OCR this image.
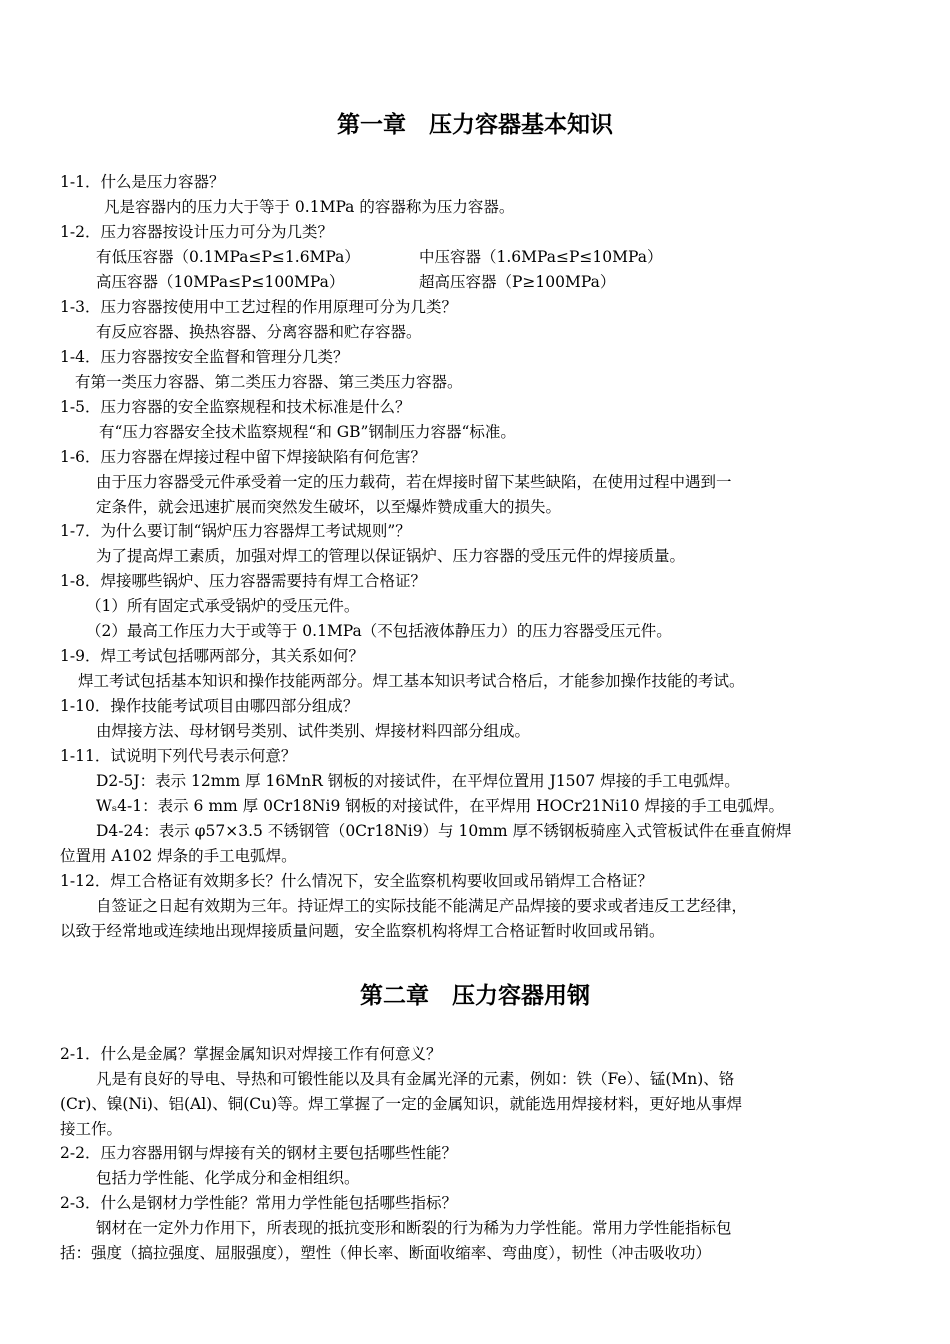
第一章　压力容器基本知识
1-1．什么是压力容器？
凡是容器内的压力大于等于 0.1MPa 的容器称为压力容器。
1-2．压力容器按设计压力可分为几类？
有低压容器（0.1MPa≤P≤1.6MPa）	中压容器（1.6MPa≤P≤10MPa）
高压容器（10MPa≤P≤100MPa）	超高压容器（P≥100MPa）
1-3．压力容器按使用中工艺过程的作用原理可分为几类？
有反应容器、换热容器、分离容器和贮存容器。
1-4．压力容器按安全监督和管理分几类？
有第一类压力容器、第二类压力容器、第三类压力容器。
1-5．压力容器的安全监察规程和技术标准是什么？
有“压力容器安全技术监察规程“和 GB”钢制压力容器“标准。
1-6．压力容器在焊接过程中留下焊接缺陷有何危害？
由于压力容器受元件承受着一定的压力载荷，若在焊接时留下某些缺陷，在使用过程中遇到一
定条件，就会迅速扩展而突然发生破坏，以至爆炸赞成重大的损失。
1-7．为什么要订制“锅炉压力容器焊工考试规则”？
为了提高焊工素质，加强对焊工的管理以保证锅炉、压力容器的受压元件的焊接质量。
1-8．焊接哪些锅炉、压力容器需要持有焊工合格证？
（1）所有固定式承受锅炉的受压元件。
（2）最高工作压力大于或等于 0.1MPa（不包括液体静压力）的压力容器受压元件。
1-9．焊工考试包括哪两部分，其关系如何？
焊工考试包括基本知识和操作技能两部分。焊工基本知识考试合格后，才能参加操作技能的考试。
1-10．操作技能考试项目由哪四部分组成？
由焊接方法、母材钢号类别、试件类别、焊接材料四部分组成。
1-11．试说明下列代号表示何意？
D2-5J：表示 12mm 厚 16MnR 钢板的对接试件，在平焊位置用 J1507 焊接的手工电弧焊。
Wₛ4-1：表示 6 mm 厚 0Cr18Ni9 钢板的对接试件，在平焊用 HOCr21Ni10 焊接的手工电弧焊。
D4-24：表示 φ57×3.5 不锈钢管（0Cr18Ni9）与 10mm 厚不锈钢板骑座入式管板试件在垂直俯焊
位置用 A102 焊条的手工电弧焊。
1-12．焊工合格证有效期多长？什么情况下，安全监察机构要收回或吊销焊工合格证？
自签证之日起有效期为三年。持证焊工的实际技能不能满足产品焊接的要求或者违反工艺经律，
以致于经常地或连续地出现焊接质量问题，安全监察机构将焊工合格证暂时收回或吊销。
第二章　压力容器用钢
2-1．什么是金属？掌握金属知识对焊接工作有何意义？
凡是有良好的导电、导热和可锻性能以及具有金属光泽的元素，例如：铁（Fe）、锰(Mn)、铬
(Cr)、镍(Ni)、铝(Al)、铜(Cu)等。焊工掌握了一定的金属知识，就能选用焊接材料，更好地从事焊
接工作。
2-2．压力容器用钢与焊接有关的钢材主要包括哪些性能？
包括力学性能、化学成分和金相组织。
2-3．什么是钢材力学性能？常用力学性能包括哪些指标？
钢材在一定外力作用下，所表现的抵抗变形和断裂的行为稀为力学性能。常用力学性能指标包
括：强度（搞拉强度、屈服强度），塑性（伸长率、断面收缩率、弯曲度），韧性（冲击吸收功）
